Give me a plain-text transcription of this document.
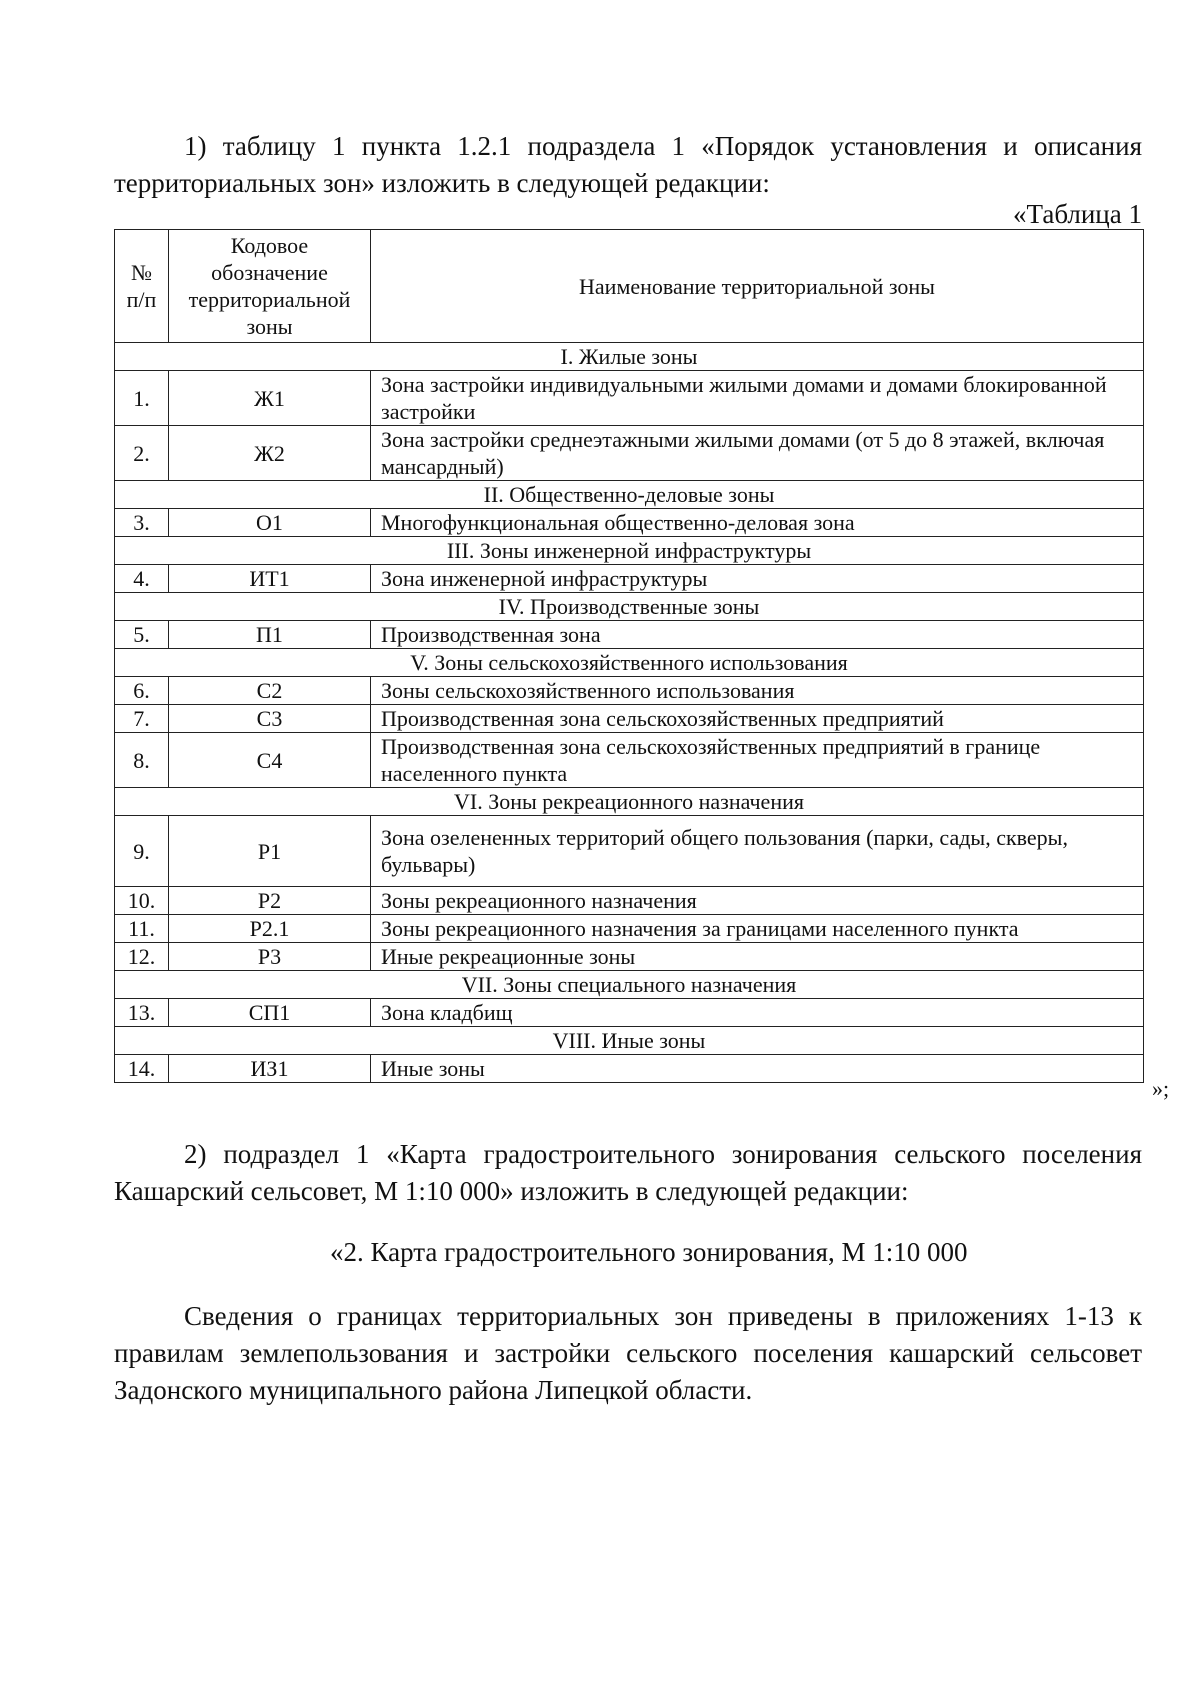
1) таблицу 1 пункта 1.2.1 подраздела 1 «Порядок установления и описания территориальных зон» изложить в следующей редакции:

«Таблица 1
№ п/п	Кодовое обозначение территориальной зоны	Наименование территориальной зоны
I. Жилые зоны		
1.	Ж1	Зона застройки индивидуальными жилыми домами и домами блокированной застройки
2.	Ж2	Зона застройки среднеэтажными жилыми домами (от 5 до 8 этажей, включая мансардный)
II. Общественно-деловые зоны		
3.	О1	Многофункциональная общественно-деловая зона
III. Зоны инженерной инфраструктуры		
4.	ИТ1	Зона инженерной инфраструктуры
IV. Производственные зоны		
5.	П1	Производственная зона
V. Зоны сельскохозяйственного использования		
6.	С2	Зоны сельскохозяйственного использования
7.	С3	Производственная зона сельскохозяйственных предприятий
8.	С4	Производственная зона сельскохозяйственных предприятий в границе населенного пункта
VI. Зоны рекреационного назначения		
9.	Р1	Зона озелененных территорий общего пользования (парки, сады, скверы, бульвары)
10.	Р2	Зоны рекреационного назначения
11.	Р2.1	Зоны рекреационного назначения за границами населенного пункта
12.	Р3	Иные рекреационные зоны
VII. Зоны специального назначения		
13.	СП1	Зона кладбищ
VIII. Иные зоны		
14.	ИЗ1	Иные зоны
»;

2) подраздел 1 «Карта градостроительного зонирования сельского поселения Кашарский сельсовет, М 1:10 000» изложить в следующей редакции:

«2. Карта градостроительного зонирования, М 1:10 000

Сведения о границах территориальных зон приведены в приложениях 1-13 к правилам землепользования и застройки сельского поселения кашарский сельсовет Задонского муниципального района Липецкой области.
